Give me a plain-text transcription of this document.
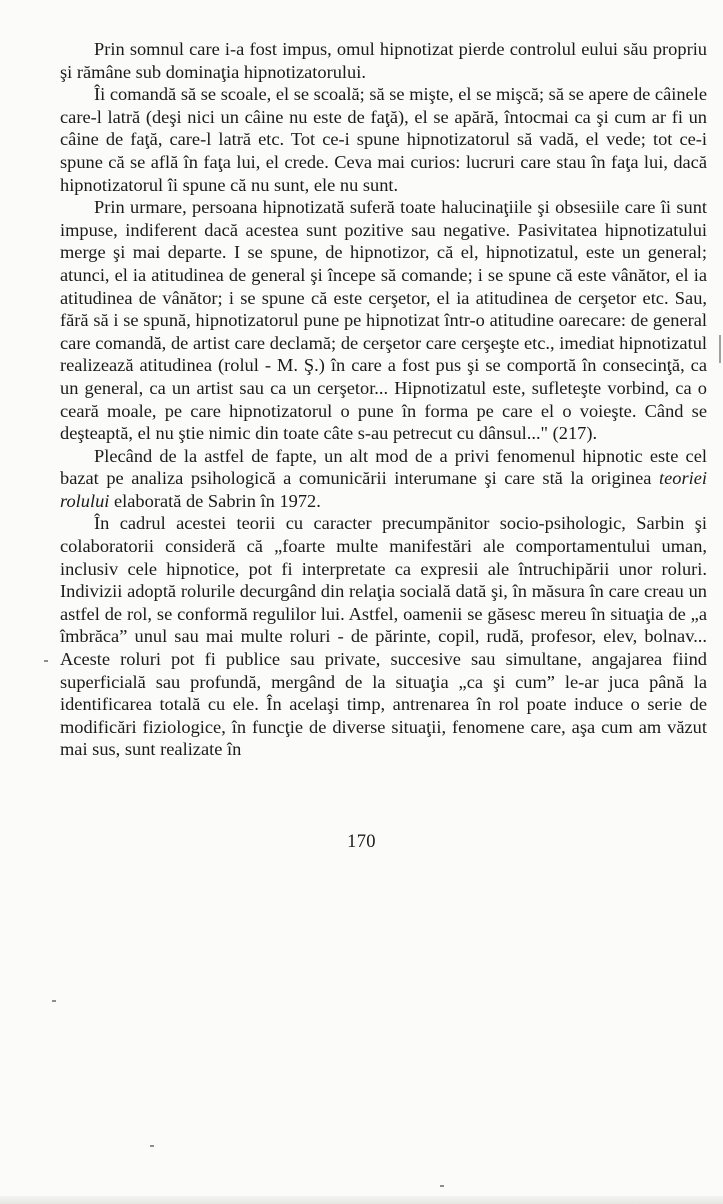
Prin somnul care i-a fost impus, omul hipnotizat pierde controlul eului său propriu şi rămâne sub dominaţia hipnotizatorului.

Îi comandă să se scoale, el se scoală; să se mişte, el se mişcă; să se apere de câinele care-l latră (deşi nici un câine nu este de faţă), el se apără, întocmai ca şi cum ar fi un câine de faţă, care-l latră etc. Tot ce-i spune hipnotizatorul să vadă, el vede; tot ce-i spune că se află în faţa lui, el crede. Ceva mai curios: lucruri care stau în faţa lui, dacă hipnotizatorul îi spune că nu sunt, ele nu sunt.

Prin urmare, persoana hipnotizată suferă toate halucinaţiile şi obsesiile care îi sunt impuse, indiferent dacă acestea sunt pozitive sau negative. Pasivitatea hipnotizatului merge şi mai departe. I se spune, de hipnotizor, că el, hipnotizatul, este un general; atunci, el ia atitudinea de general şi începe să comande; i se spune că este vânător, el ia atitudinea de vânător; i se spune că este cerşetor, el ia atitudinea de cerşetor etc. Sau, fără să i se spună, hipnotizatorul pune pe hipnotizat într-o atitudine oarecare: de general care comandă, de artist care declamă; de cerşetor care cerşeşte etc., imediat hipnotizatul realizează atitudinea (rolul - M. Ş.) în care a fost pus şi se comportă în consecinţă, ca un general, ca un artist sau ca un cerşetor... Hipnotizatul este, sufleteşte vorbind, ca o ceară moale, pe care hipnotizatorul o pune în forma pe care el o voieşte. Când se deşteaptă, el nu ştie nimic din toate câte s-au petrecut cu dânsul..." (217).

Plecând de la astfel de fapte, un alt mod de a privi fenomenul hipnotic este cel bazat pe analiza psihologică a comunicării interumane şi care stă la originea teoriei rolului elaborată de Sabrin în 1972.

În cadrul acestei teorii cu caracter precumpănitor socio-psihologic, Sarbin şi colaboratorii consideră că „foarte multe manifestări ale comportamentului uman, inclusiv cele hipnotice, pot fi interpretate ca expresii ale întruchipării unor roluri. Indivizii adoptă rolurile decurgând din relaţia socială dată şi, în măsura în care creau un astfel de rol, se conformă regulilor lui. Astfel, oamenii se găsesc mereu în situaţia de „a îmbrăca” unul sau mai multe roluri - de părinte, copil, rudă, profesor, elev, bolnav... Aceste roluri pot fi publice sau private, succesive sau simultane, angajarea fiind superficială sau profundă, mergând de la situaţia „ca şi cum” le-ar juca până la identificarea totală cu ele. În acelaşi timp, antrenarea în rol poate induce o serie de modificări fiziologice, în funcţie de diverse situaţii, fenomene care, aşa cum am văzut mai sus, sunt realizate în

170
